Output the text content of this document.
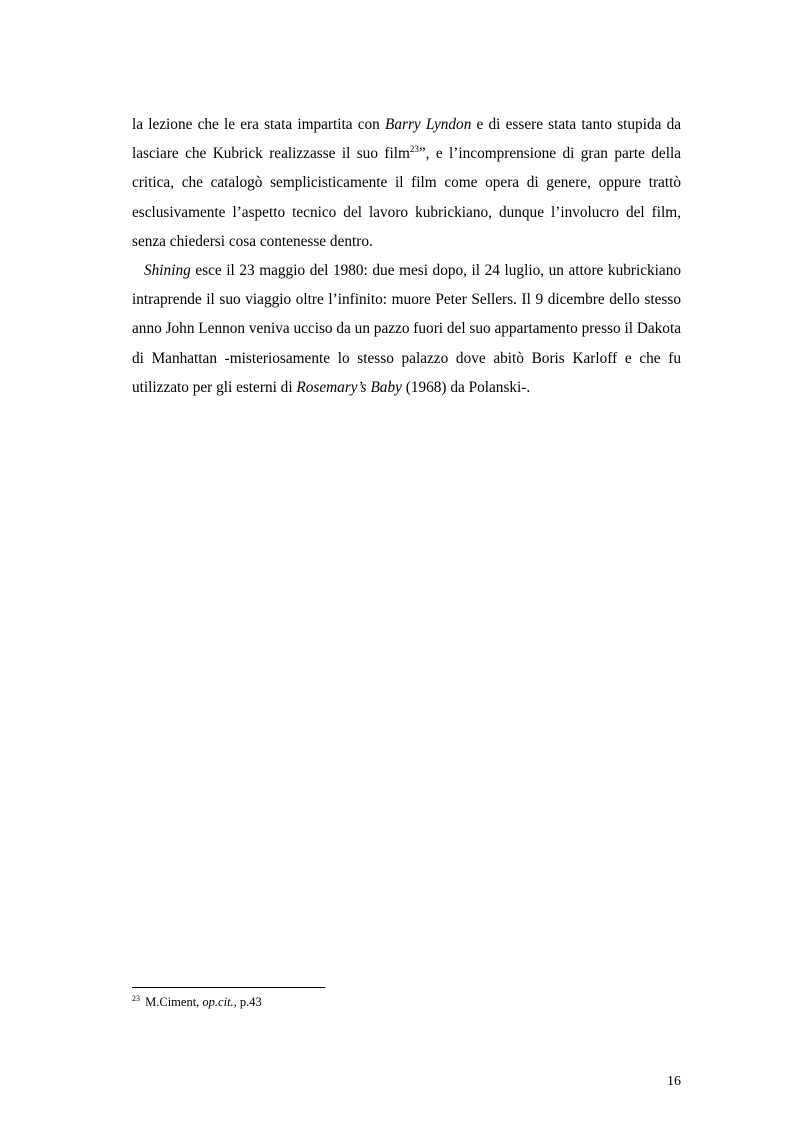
la lezione che le era stata impartita con Barry Lyndon e di essere stata tanto stupida da lasciare che Kubrick realizzasse il suo film$^{23}$”, e l’incomprensione di gran parte della critica, che catalogò semplicisticamente il film come opera di genere, oppure trattò esclusivamente l’aspetto tecnico del lavoro kubrickiano, dunque l’involucro del film, senza chiedersi cosa contenesse dentro.

Shining esce il 23 maggio del 1980: due mesi dopo, il 24 luglio, un attore kubrickiano intraprende il suo viaggio oltre l’infinito: muore Peter Sellers. Il 9 dicembre dello stesso anno John Lennon veniva ucciso da un pazzo fuori del suo appartamento presso il Dakota di Manhattan -misteriosamente lo stesso palazzo dove abitò Boris Karloff e che fu utilizzato per gli esterni di Rosemary’s Baby (1968) da Polanski-.

$^{23}$ M.Ciment, op.cit., p.43
16
